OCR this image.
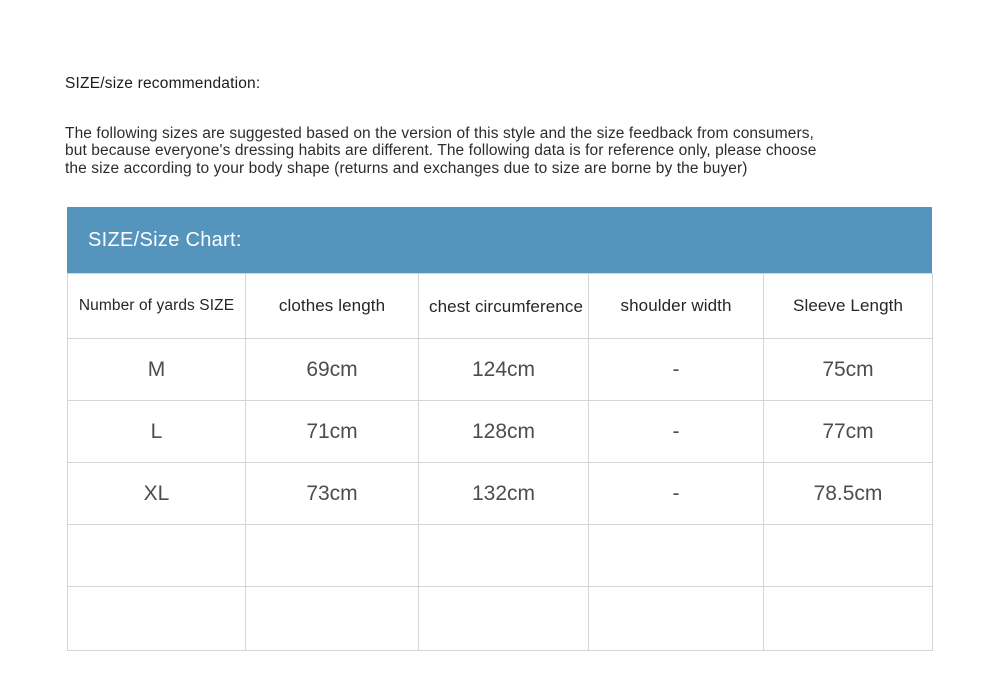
SIZE/size recommendation:
The following sizes are suggested based on the version of this style and the size feedback from consumers,
but because everyone's dressing habits are different. The following data is for reference only, please choose
the size according to your body shape (returns and exchanges due to size are borne by the buyer)
SIZE/Size Chart:
Number of yards SIZE	clothes length	chest circumference	shoulder width	Sleeve Length
M	69cm	124cm	-	75cm
L	71cm	128cm	-	77cm
XL	73cm	132cm	-	78.5cm
